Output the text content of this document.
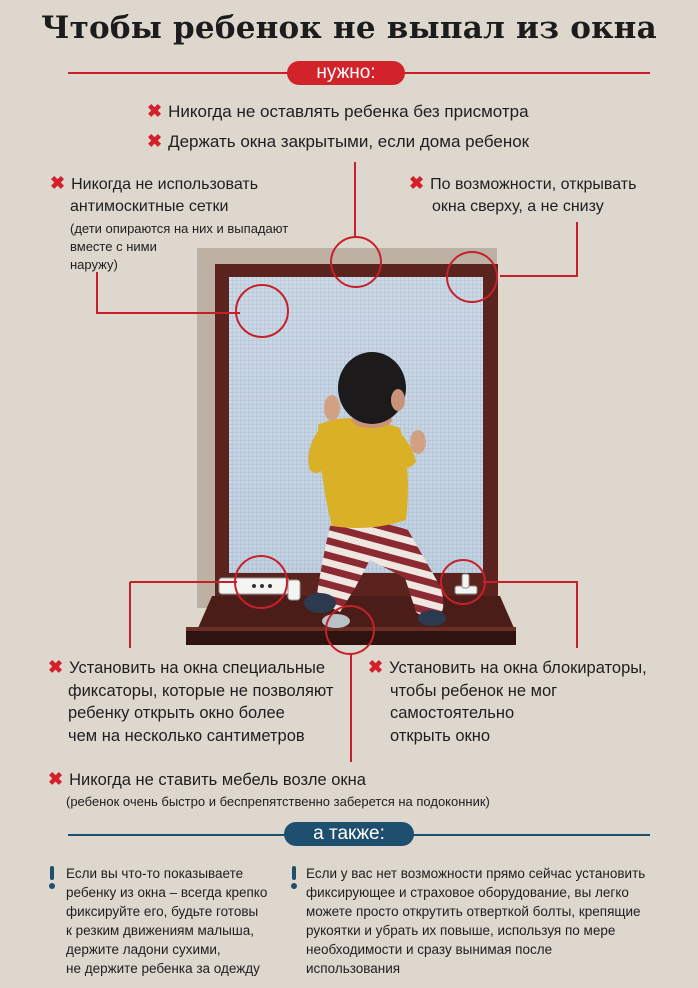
Чтобы ребенок не выпал из окна
нужно:
✖ Никогда не оставлять ребенка без присмотра
✖ Держать окна закрытыми, если дома ребенок
✖ Никогда не использовать
антимоскитные сетки
(дети опираются на них и выпадают
вместе с ними
наружу)
✖ По возможности, открывать
окна сверху, а не снизу
✖ Установить на окна специальные
фиксаторы, которые не позволяют
ребенку открыть окно более
чем на несколько сантиметров
✖ Установить на окна блокираторы,
чтобы ребенок не мог
самостоятельно
открыть окно
✖ Никогда не ставить мебель возле окна
(ребенок очень быстро и беспрепятственно заберется на подоконник)
а также:
Если вы что-то показываете
ребенку из окна – всегда крепко
фиксируйте его, будьте готовы
к резким движениям малыша,
держите ладони сухими,
не держите ребенка за одежду
Если у вас нет возможности прямо сейчас установить
фиксирующее и страховое оборудование, вы легко
можете просто открутить отверткой болты, крепящие
рукоятки и убрать их повыше, используя по мере
необходимости и сразу вынимая после
использования
